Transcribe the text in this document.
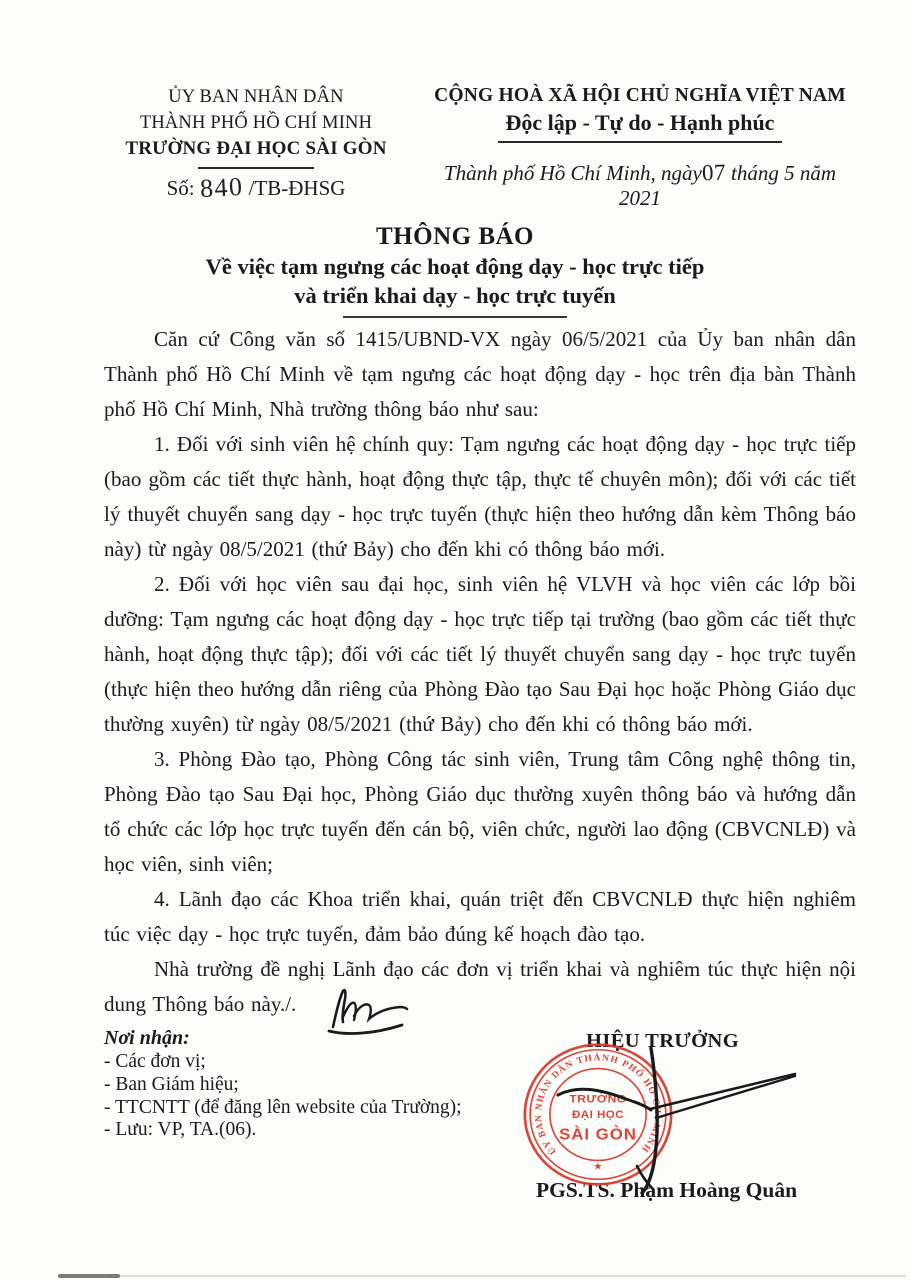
ỦY BAN NHÂN DÂN
THÀNH PHỐ HỒ CHÍ MINH
TRƯỜNG ĐẠI HỌC SÀI GÒN
Số: 840 /TB-ĐHSG
CỘNG HOÀ XÃ HỘI CHỦ NGHĨA VIỆT NAM
Độc lập - Tự do - Hạnh phúc
Thành phố Hồ Chí Minh, ngày07 tháng 5 năm 2021
THÔNG BÁO
Về việc tạm ngưng các hoạt động dạy - học trực tiếp
và triển khai dạy - học trực tuyến

Căn cứ Công văn số 1415/UBND-VX ngày 06/5/2021 của Ủy ban nhân dân Thành phố Hồ Chí Minh về tạm ngưng các hoạt động dạy - học trên địa bàn Thành phố Hồ Chí Minh, Nhà trường thông báo như sau:

1. Đối với sinh viên hệ chính quy: Tạm ngưng các hoạt động dạy - học trực tiếp (bao gồm các tiết thực hành, hoạt động thực tập, thực tế chuyên môn); đối với các tiết lý thuyết chuyển sang dạy - học trực tuyến (thực hiện theo hướng dẫn kèm Thông báo này) từ ngày 08/5/2021 (thứ Bảy) cho đến khi có thông báo mới.

2. Đối với học viên sau đại học, sinh viên hệ VLVH và học viên các lớp bồi dưỡng: Tạm ngưng các hoạt động dạy - học trực tiếp tại trường (bao gồm các tiết thực hành, hoạt động thực tập); đối với các tiết lý thuyết chuyển sang dạy - học trực tuyến (thực hiện theo hướng dẫn riêng của Phòng Đào tạo Sau Đại học hoặc Phòng Giáo dục thường xuyên) từ ngày 08/5/2021 (thứ Bảy) cho đến khi có thông báo mới.

3. Phòng Đào tạo, Phòng Công tác sinh viên, Trung tâm Công nghệ thông tin, Phòng Đào tạo Sau Đại học, Phòng Giáo dục thường xuyên thông báo và hướng dẫn tổ chức các lớp học trực tuyến đến cán bộ, viên chức, người lao động (CBVCNLĐ) và học viên, sinh viên;

4. Lãnh đạo các Khoa triển khai, quán triệt đến CBVCNLĐ thực hiện nghiêm túc việc dạy - học trực tuyến, đảm bảo đúng kế hoạch đào tạo.

Nhà trường đề nghị Lãnh đạo các đơn vị triển khai và nghiêm túc thực hiện nội dung Thông báo này./.

Nơi nhận:
- Các đơn vị;
- Ban Giám hiệu;
- TTCNTT (để đăng lên website của Trường);
- Lưu: VP, TA.(06).
HIỆU TRƯỞNG
PGS.TS. Phạm Hoàng Quân
ỦY BAN NHÂN DÂN THÀNH PHỐ HỒ CHÍ MINH
★
TRƯỜNG
ĐẠI HỌC
SÀI GÒN
